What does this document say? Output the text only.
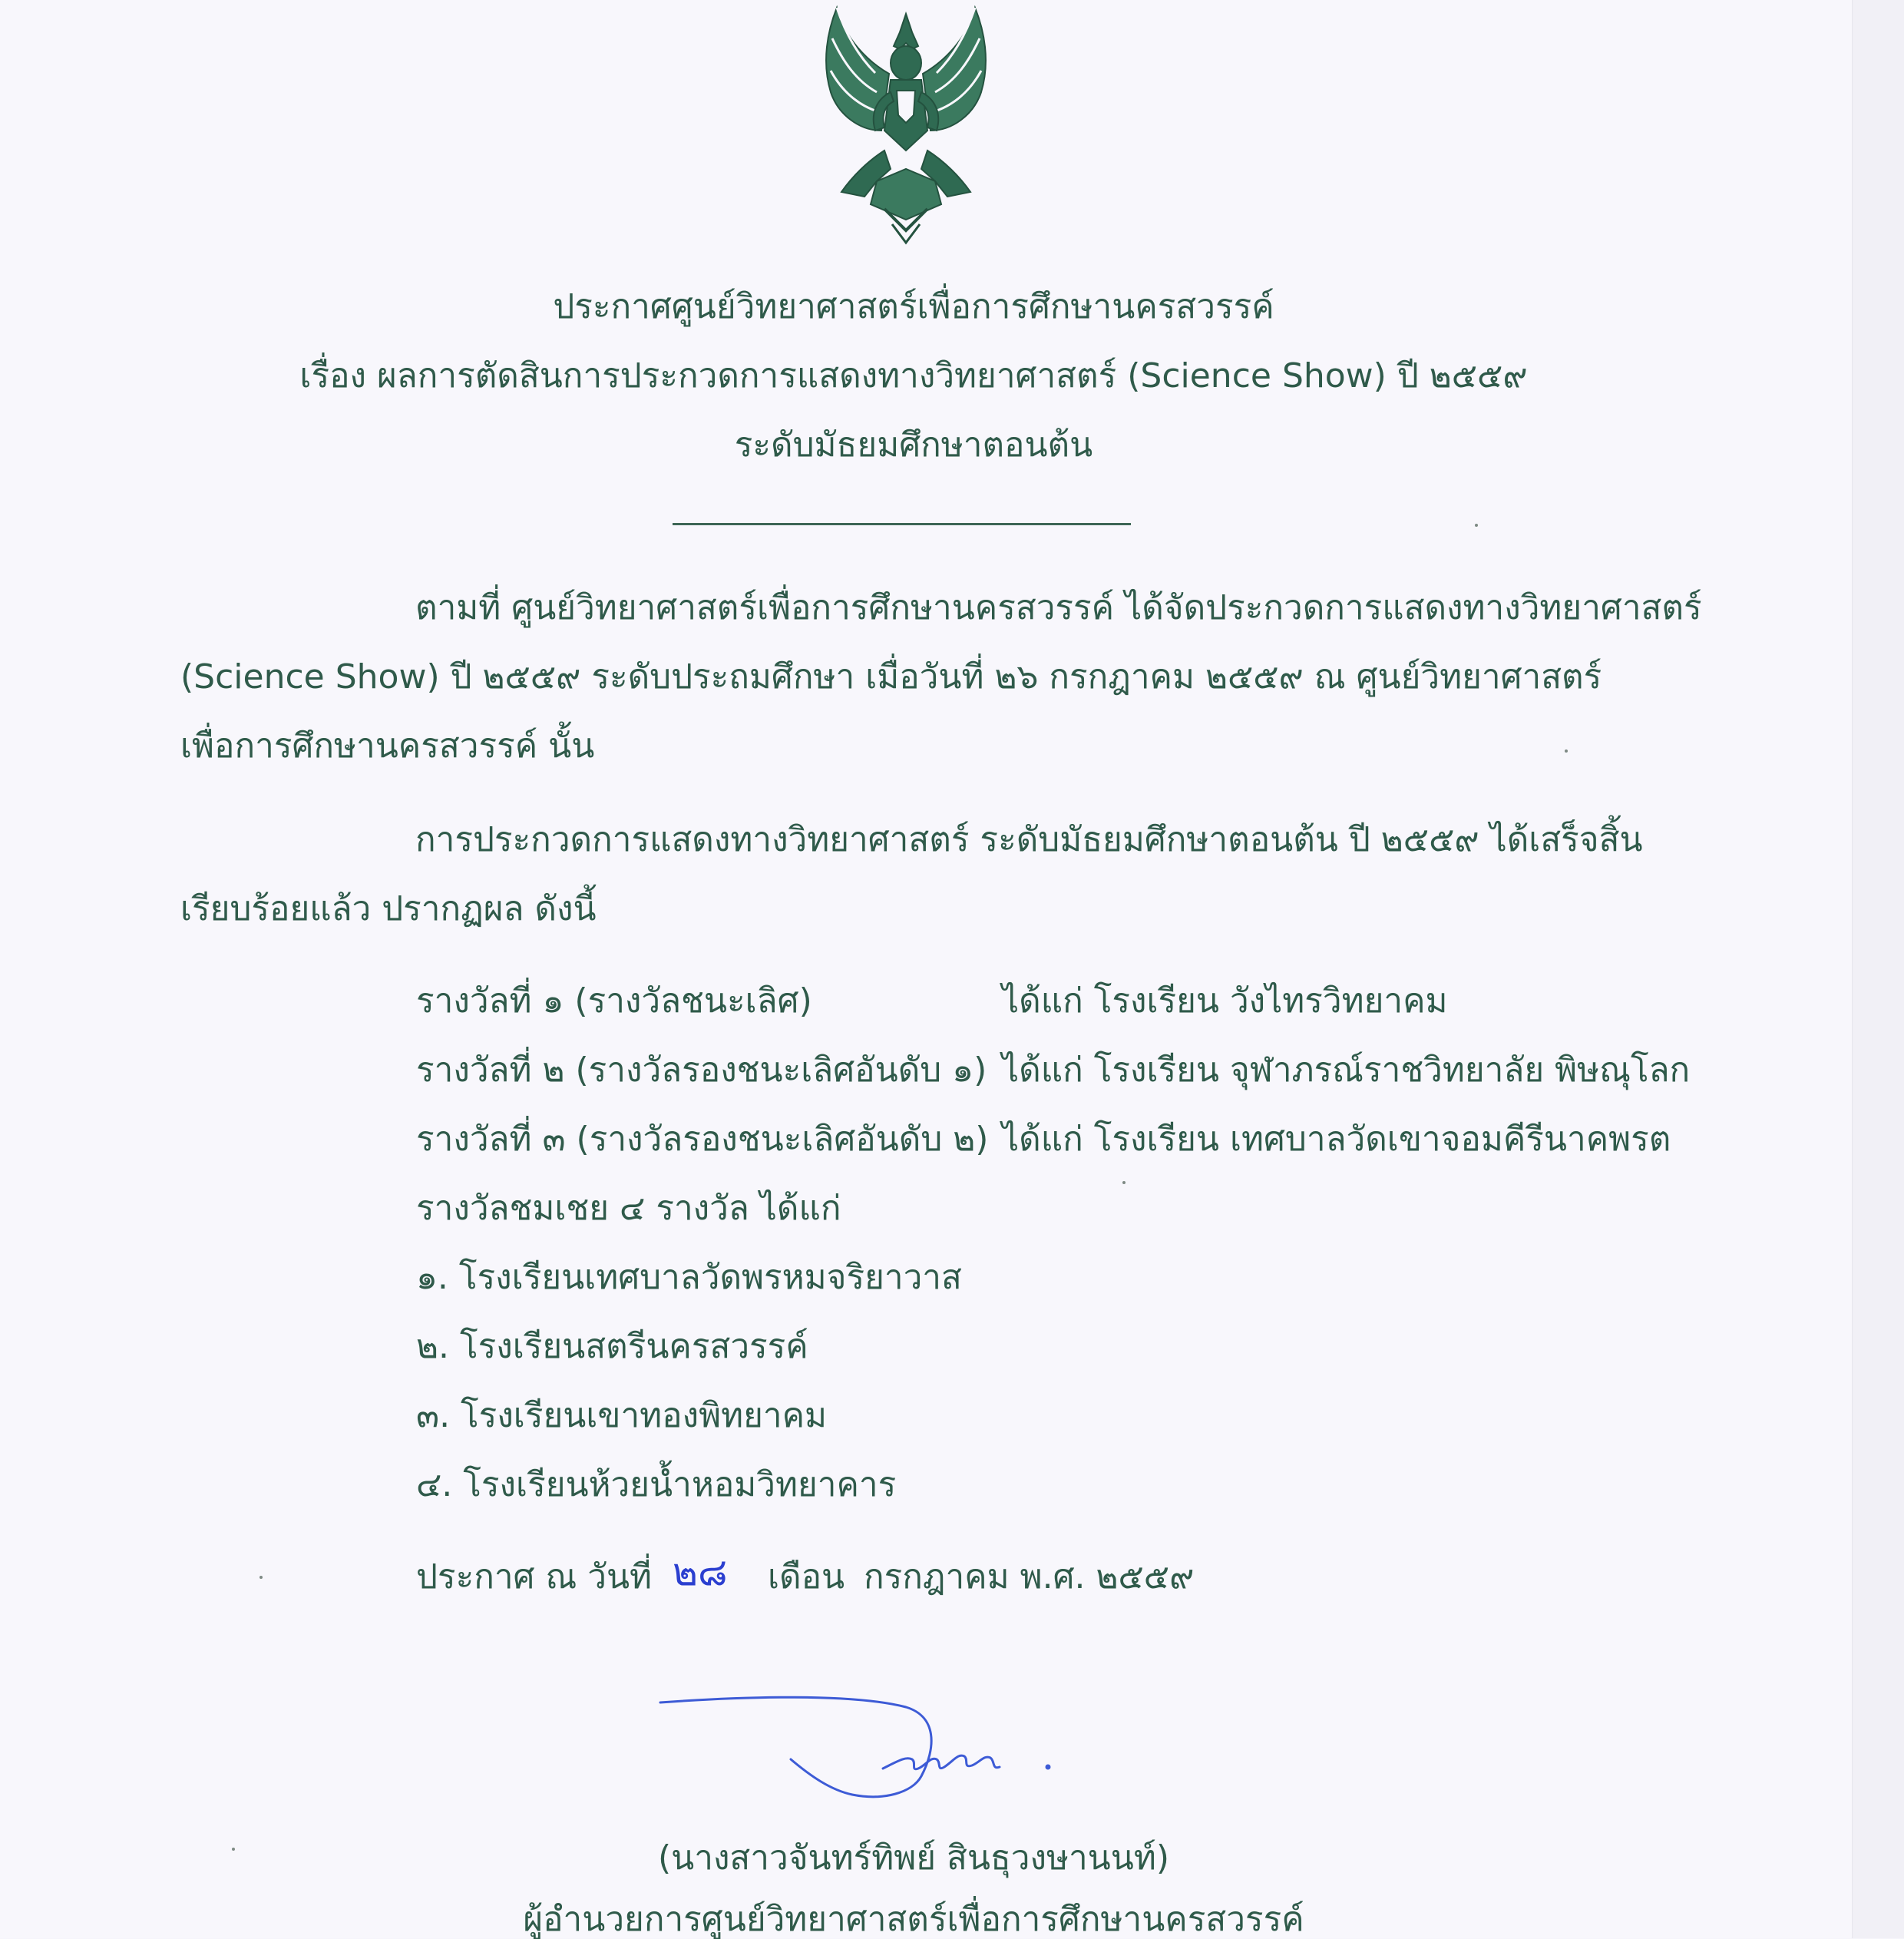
ประกาศศูนย์วิทยาศาสตร์เพื่อการศึกษานครสวรรค์
เรื่อง ผลการตัดสินการประกวดการแสดงทางวิทยาศาสตร์ (Science Show) ปี ๒๕๕๙
ระดับมัธยมศึกษาตอนต้น
ตามที่ ศูนย์วิทยาศาสตร์เพื่อการศึกษานครสวรรค์ ได้จัดประกวดการแสดงทางวิทยาศาสตร์
(Science Show) ปี ๒๕๕๙ ระดับประถมศึกษา เมื่อวันที่ ๒๖ กรกฎาคม ๒๕๕๙ ณ ศูนย์วิทยาศาสตร์
เพื่อการศึกษานครสวรรค์ นั้น
การประกวดการแสดงทางวิทยาศาสตร์ ระดับมัธยมศึกษาตอนต้น ปี ๒๕๕๙ ได้เสร็จสิ้น
เรียบร้อยแล้ว ปรากฏผล ดังนี้
รางวัลที่ ๑ (รางวัลชนะเลิศ)	ได้แก่ โรงเรียน วังไทรวิทยาคม
รางวัลที่ ๒ (รางวัลรองชนะเลิศอันดับ ๑) ได้แก่ โรงเรียน จุฬาภรณ์ราชวิทยาลัย พิษณุโลก
รางวัลที่ ๓ (รางวัลรองชนะเลิศอันดับ ๒) ได้แก่ โรงเรียน เทศบาลวัดเขาจอมคีรีนาคพรต
รางวัลชมเชย ๔ รางวัล ได้แก่
๑. โรงเรียนเทศบาลวัดพรหมจริยาวาส
๒. โรงเรียนสตรีนครสวรรค์
๓. โรงเรียนเขาทองพิทยาคม
๔. โรงเรียนห้วยน้ำหอมวิทยาคาร
ประกาศ ณ วันที่ ๒๘ เดือน กรกฎาคม พ.ศ. ๒๕๕๙
(นางสาวจันทร์ทิพย์ สินธุวงษานนท์)
ผู้อำนวยการศูนย์วิทยาศาสตร์เพื่อการศึกษานครสวรรค์
